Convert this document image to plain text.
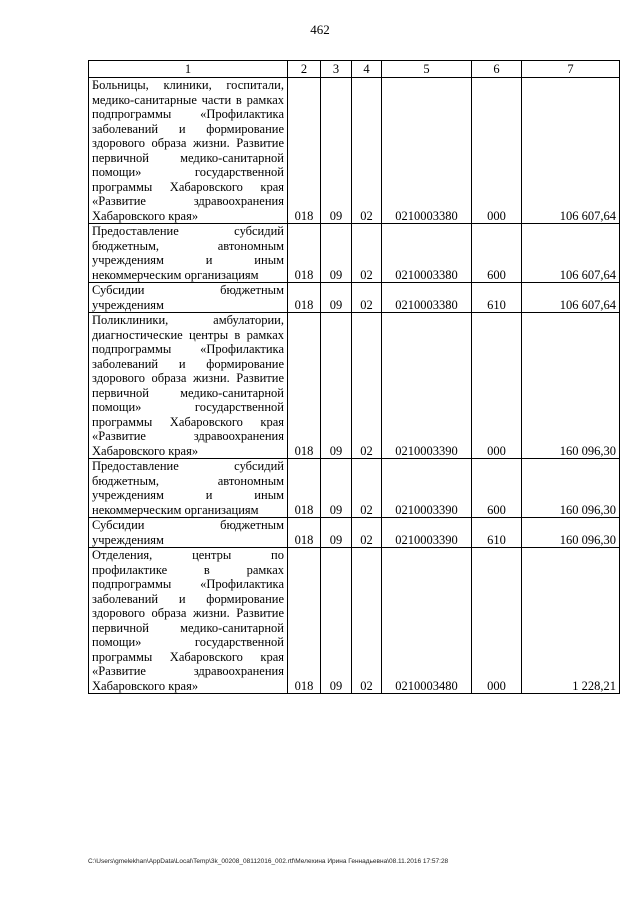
462
1	2	3	4	5	6	7
Больницы, клиники, госпитали, медико-санитарные части в рамках подпрограммы «Профилактика заболеваний и формирование здорового образа жизни. Развитие первичной медико-санитарной помощи» государственной программы Хабаровского края «Развитие здравоохранения Хабаровского края»	018	09	02	0210003380	000	106 607,64
Предоставление субсидий бюджетным, автономным учреждениям и иным некоммерческим организациям	018	09	02	0210003380	600	106 607,64
Субсидии бюджетным учреждениям	018	09	02	0210003380	610	106 607,64
Поликлиники, амбулатории, диагностические центры в рамках подпрограммы «Профилактика заболеваний и формирование здорового образа жизни. Развитие первичной медико-санитарной помощи» государственной программы Хабаровского края «Развитие здравоохранения Хабаровского края»	018	09	02	0210003390	000	160 096,30
Предоставление субсидий бюджетным, автономным учреждениям и иным некоммерческим организациям	018	09	02	0210003390	600	160 096,30
Субсидии бюджетным учреждениям	018	09	02	0210003390	610	160 096,30
Отделения, центры по профилактике в рамках подпрограммы «Профилактика заболеваний и формирование здорового образа жизни. Развитие первичной медико-санитарной помощи» государственной программы Хабаровского края «Развитие здравоохранения Хабаровского края»	018	09	02	0210003480	000	1 228,21
C:\Users\gmelekhan\AppData\Local\Temp\3k_00208_08112016_002.rtf\Мелехина Ирина Геннадьевна\08.11.2016 17:57:28
